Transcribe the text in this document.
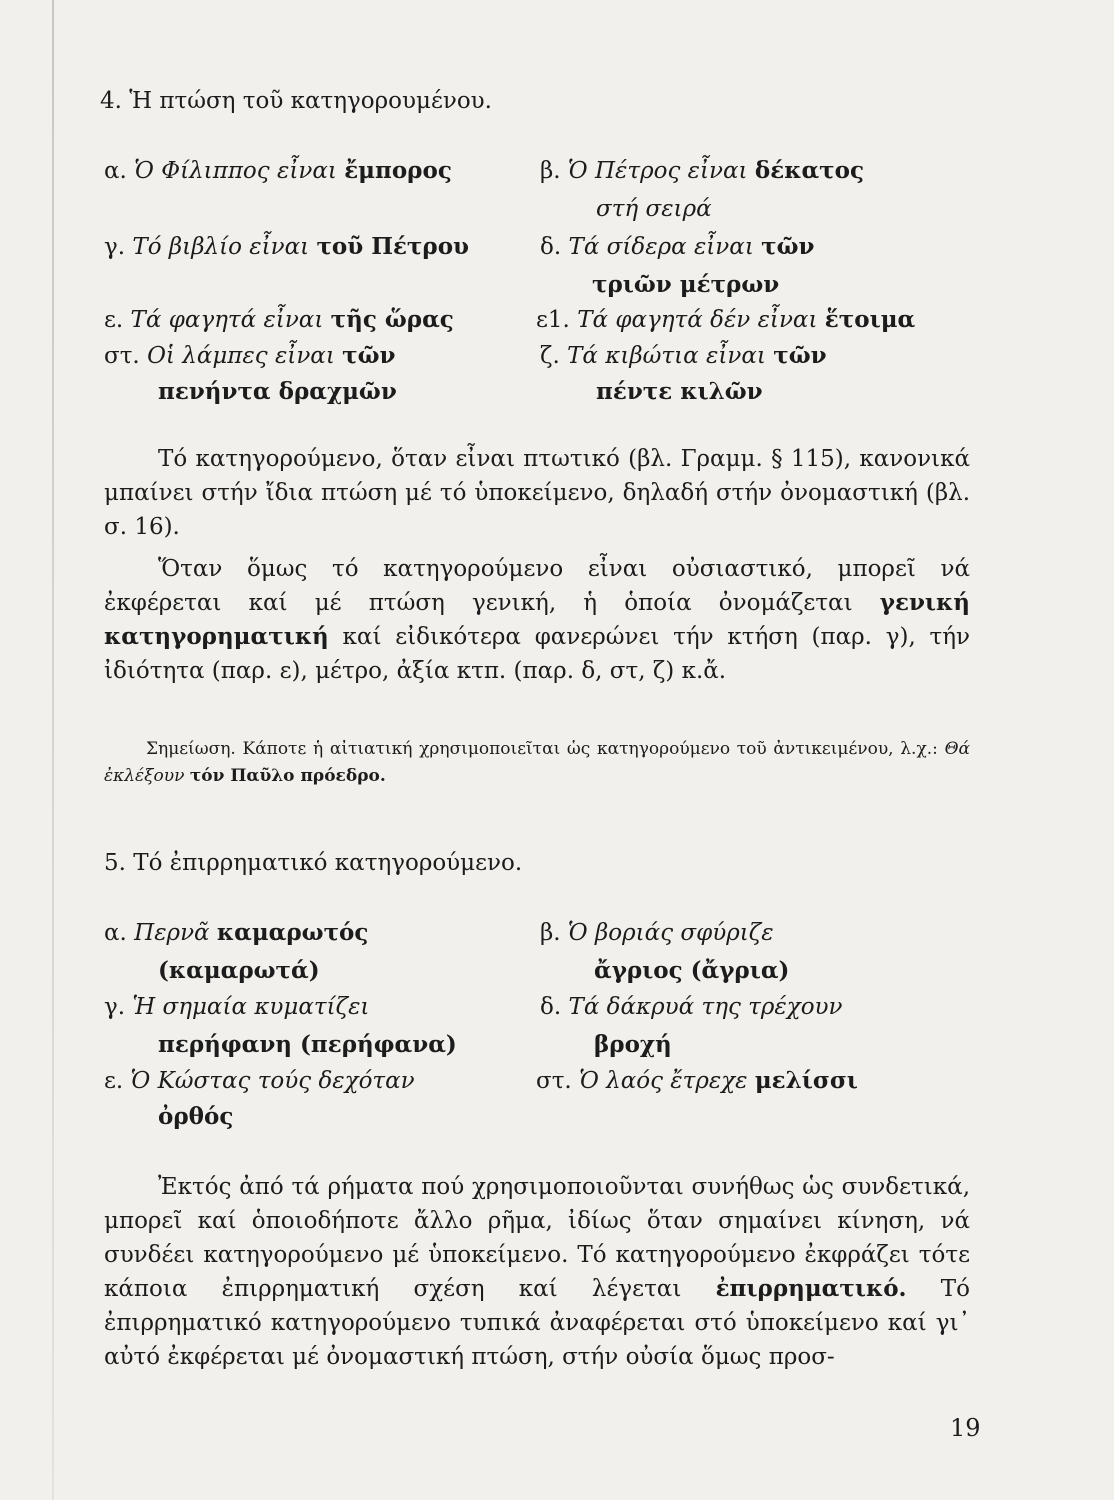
4. Ἡ πτώση τοῦ κατηγορουμένου.
α. Ὁ Φίλιππος εἶναι ἔμπορος	β. Ὁ Πέτρος εἶναι δέκατος
στή σειρά
γ. Τό βιβλίο εἶναι τοῦ Πέτρου	δ. Τά σίδερα εἶναι τῶν
τριῶν μέτρων
ε. Τά φαγητά εἶναι τῆς ὥρας	ε1. Τά φαγητά δέν εἶναι ἕτοιμα
στ. Οἱ λάμπες εἶναι τῶν	ζ. Τά κιβώτια εἶναι τῶν
πενήντα δραχμῶν	πέντε κιλῶν

Τό κατηγορούμενο, ὅταν εἶναι πτωτικό (βλ. Γραμμ. § 115), κανονικά μπαίνει στήν ἴδια πτώση μέ τό ὑποκείμενο, δηλαδή στήν ὀνομαστική (βλ. σ. 16).

Ὅταν ὅμως τό κατηγορούμενο εἶναι οὐσιαστικό, μπορεῖ νά ἐκφέρεται καί μέ πτώση γενική, ἡ ὁποία ὀνομάζεται γενική κατηγορηματική καί εἰδικότερα φανερώνει τήν κτήση (παρ. γ), τήν ἰδιότητα (παρ. ε), μέτρο, ἀξία κτπ. (παρ. δ, στ, ζ) κ.ἄ.

Σημείωση. Κάποτε ἡ αἰτιατική χρησιμοποιεῖται ὡς κατηγορούμενο τοῦ ἀντικειμένου, λ.χ.: Θά ἐκλέξουν τόν Παῦλο πρόεδρο.

5. Τό ἐπιρρηματικό κατηγορούμενο.
α. Περνᾶ καμαρωτός	β. Ὁ βοριάς σφύριζε
(καμαρωτά)	ἄγριος (ἄγρια)
γ. Ἡ σημαία κυματίζει	δ. Τά δάκρυά της τρέχουν
περήφανη (περήφανα)	βροχή
ε. Ὁ Κώστας τούς δεχόταν	στ. Ὁ λαός ἔτρεχε μελίσσι
ὀρθός

Ἐκτός ἀπό τά ρήματα πού χρησιμοποιοῦνται συνήθως ὡς συνδετικά, μπορεῖ καί ὁποιοδήποτε ἄλλο ρῆμα, ἰδίως ὅταν σημαίνει κίνηση, νά συνδέει κατηγορούμενο μέ ὑποκείμενο. Τό κατηγορούμενο ἐκφράζει τότε κάποια ἐπιρρηματική σχέση καί λέγεται ἐπιρρηματικό. Τό ἐπιρρηματικό κατηγορούμενο τυπικά ἀναφέρεται στό ὑποκείμενο καί γι᾽ αὐτό ἐκφέρεται μέ ὀνομαστική πτώση, στήν οὐσία ὅμως προσ-

19
